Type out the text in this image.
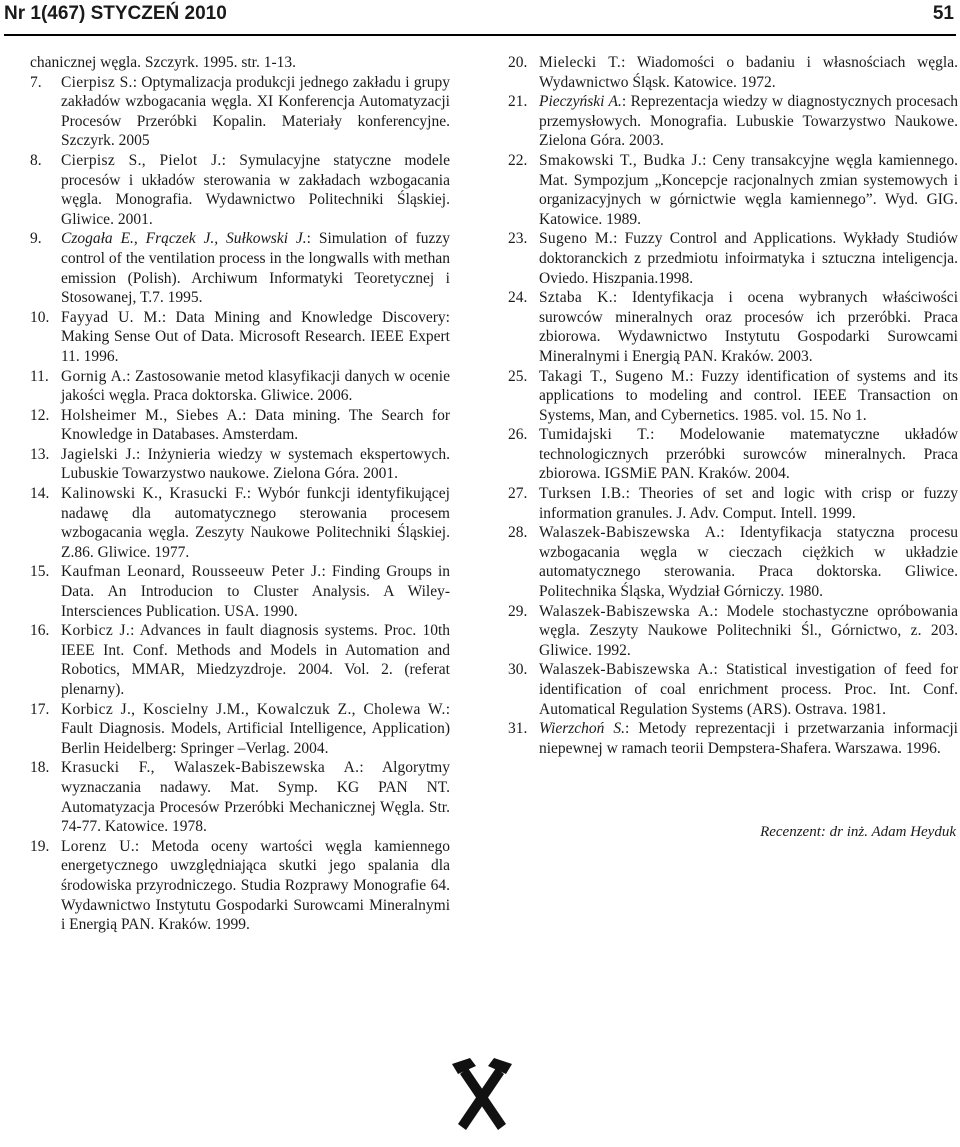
Nr 1(467) STYCZEŃ 2010	51
chanicznej węgla. Szczyrk. 1995. str. 1-13.
7. Cierpisz S.: Optymalizacja produkcji jednego zakładu i grupy zakładów wzbogacania węgla. XI Konferencja Automatyzacji Procesów Przeróbki Kopalin. Materiały konferencyjne. Szczyrk. 2005
8. Cierpisz S., Pielot J.: Symulacyjne statyczne modele procesów i układów sterowania w zakładach wzbogacania węgla. Monografia. Wydawnictwo Politechniki Śląskiej. Gliwice. 2001.
9. Czogała E., Frączek J., Sułkowski J.: Simulation of fuzzy control of the ventilation process in the longwalls with methan emission (Polish). Archiwum Informatyki Teoretycznej i Stosowanej, T.7. 1995.
10. Fayyad U. M.: Data Mining and Knowledge Discovery: Making Sense Out of Data. Microsoft Research. IEEE Expert 11. 1996.
11. Gornig A.: Zastosowanie metod klasyfikacji danych w ocenie jakości węgla. Praca doktorska. Gliwice. 2006.
12. Holsheimer M., Siebes A.: Data mining. The Search for Knowledge in Databases. Amsterdam.
13. Jagielski J.: Inżynieria wiedzy w systemach ekspertowych. Lubuskie Towarzystwo naukowe. Zielona Góra. 2001.
14. Kalinowski K., Krasucki F.: Wybór funkcji identyfikującej nadawę dla automatycznego sterowania procesem wzbogacania węgla. Zeszyty Naukowe Politechniki Śląskiej. Z.86. Gliwice. 1977.
15. Kaufman Leonard, Rousseeuw Peter J.: Finding Groups in Data. An Introducion to Cluster Analysis. A Wiley-Intersciences Publication. USA. 1990.
16. Korbicz J.: Advances in fault diagnosis systems. Proc. 10th IEEE Int. Conf. Methods and Models in Automation and Robotics, MMAR, Miedzyzdroje. 2004. Vol. 2. (referat plenarny).
17. Korbicz J., Koscielny J.M., Kowalczuk Z., Cholewa W.: Fault Diagnosis. Models, Artificial Intelligence, Application) Berlin Heidelberg: Springer –Verlag. 2004.
18. Krasucki F., Walaszek-Babiszewska A.: Algorytmy wyznaczania nadawy. Mat. Symp. KG PAN NT. Automatyzacja Procesów Przeróbki Mechanicznej Węgla. Str. 74-77. Katowice. 1978.
19. Lorenz U.: Metoda oceny wartości węgla kamiennego energetycznego uwzględniająca skutki jego spalania dla środowiska przyrodniczego. Studia Rozprawy Monografie 64. Wydawnictwo Instytutu Gospodarki Surowcami Mineralnymi i Energią PAN. Kraków. 1999.
20. Mielecki T.: Wiadomości o badaniu i własnościach węgla. Wydawnictwo Śląsk. Katowice. 1972.
21. Pieczyński A.: Reprezentacja wiedzy w diagnostycznych procesach przemysłowych. Monografia. Lubuskie Towarzystwo Naukowe. Zielona Góra. 2003.
22. Smakowski T., Budka J.: Ceny transakcyjne węgla kamiennego. Mat. Sympozjum „Koncepcje racjonalnych zmian systemowych i organizacyjnych w górnictwie węgla kamiennego”. Wyd. GIG. Katowice. 1989.
23. Sugeno M.: Fuzzy Control and Applications. Wykłady Studiów doktoranckich z przedmiotu infoirmatyka i sztuczna inteligencja. Oviedo. Hiszpania.1998.
24. Sztaba K.: Identyfikacja i ocena wybranych właściwości surowców mineralnych oraz procesów ich przeróbki. Praca zbiorowa. Wydawnictwo Instytutu Gospodarki Surowcami Mineralnymi i Energią PAN. Kraków. 2003.
25. Takagi T., Sugeno M.: Fuzzy identification of systems and its applications to modeling and control. IEEE Transaction on Systems, Man, and Cybernetics. 1985. vol. 15. No 1.
26. Tumidajski T.: Modelowanie matematyczne układów technologicznych przeróbki surowców mineralnych. Praca zbiorowa. IGSMiE PAN. Kraków. 2004.
27. Turksen I.B.: Theories of set and logic with crisp or fuzzy information granules. J. Adv. Comput. Intell. 1999.
28. Walaszek-Babiszewska A.: Identyfikacja statyczna procesu wzbogacania węgla w cieczach ciężkich w układzie automatycznego sterowania. Praca doktorska. Gliwice. Politechnika Śląska, Wydział Górniczy. 1980.
29. Walaszek-Babiszewska A.: Modele stochastyczne opróbowania węgla. Zeszyty Naukowe Politechniki Śl., Górnictwo, z. 203. Gliwice. 1992.
30. Walaszek-Babiszewska A.: Statistical investigation of feed for identification of coal enrichment process. Proc. Int. Conf. Automatical Regulation Systems (ARS). Ostrava. 1981.
31. Wierzchoń S.: Metody reprezentacji i przetwarzania informacji niepewnej w ramach teorii Dempstera-Shafera. Warszawa. 1996.
Recenzent: dr inż. Adam Heyduk
